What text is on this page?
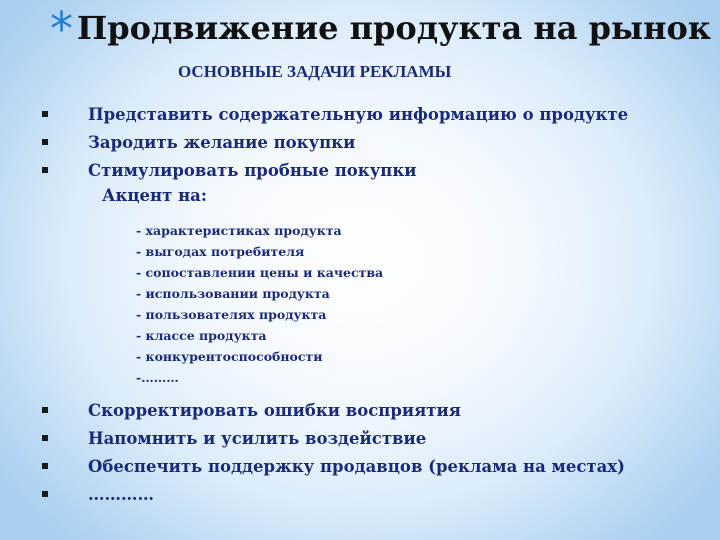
* Продвижение продукта на рынок
ОСНОВНЫЕ ЗАДАЧИ РЕКЛАМЫ
Представить содержательную информацию о продукте
Зародить желание покупки
Стимулировать пробные покупки
Акцент на:
- характеристиках продукта
- выгодах потребителя
- сопоставлении цены и качества
- использовании продукта
- пользователях продукта
- классе продукта
- конкурентоспособности
-………
Скорректировать ошибки восприятия
Напомнить и усилить воздействие
Обеспечить поддержку продавцов (реклама на местах)
…………
